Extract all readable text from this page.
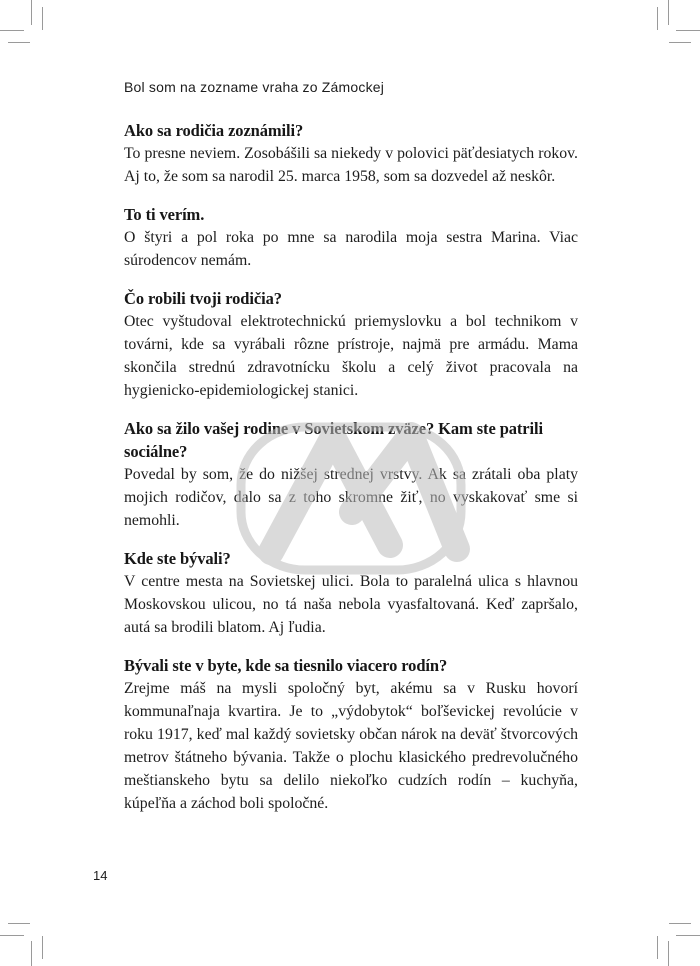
Bol som na zozname vraha zo Zámockej

Ako sa rodičia zoznámili?

To presne neviem. Zosobášili sa niekedy v polovici päťdesiatych rokov. Aj to, že som sa narodil 25. marca 1958, som sa dozvedel až neskôr.

To ti verím.

O štyri a pol roka po mne sa narodila moja sestra Marina. Viac súrodencov nemám.

Čo robili tvoji rodičia?

Otec vyštudoval elektrotechnickú priemyslovku a bol technikom v továrni, kde sa vyrábali rôzne prístroje, najmä pre armádu. Mama skončila strednú zdravotnícku školu a celý život pracovala na hygienicko-epidemiologickej stanici.

Ako sa žilo vašej rodine v Sovietskom zväze? Kam ste patrili sociálne?

Povedal by som, že do nižšej strednej vrstvy. Ak sa zrátali oba platy mojich rodičov, dalo sa z toho skromne žiť, no vyskakovať sme si nemohli.

Kde ste bývali?

V centre mesta na Sovietskej ulici. Bola to paralelná ulica s hlavnou Moskovskou ulicou, no tá naša nebola vyasfaltovaná. Keď zapršalo, autá sa brodili blatom. Aj ľudia.

Bývali ste v byte, kde sa tiesnilo viacero rodín?

Zrejme máš na mysli spoločný byt, akému sa v Rusku hovorí kommunaľnaja kvartira. Je to „výdobytok“ boľševickej revolúcie v roku 1917, keď mal každý sovietsky občan nárok na deväť štvorcových metrov štátneho bývania. Takže o plochu klasického predrevolučného meštianskeho bytu sa delilo niekoľko cudzích rodín – kuchyňa, kúpeľňa a záchod boli spoločné.

14
